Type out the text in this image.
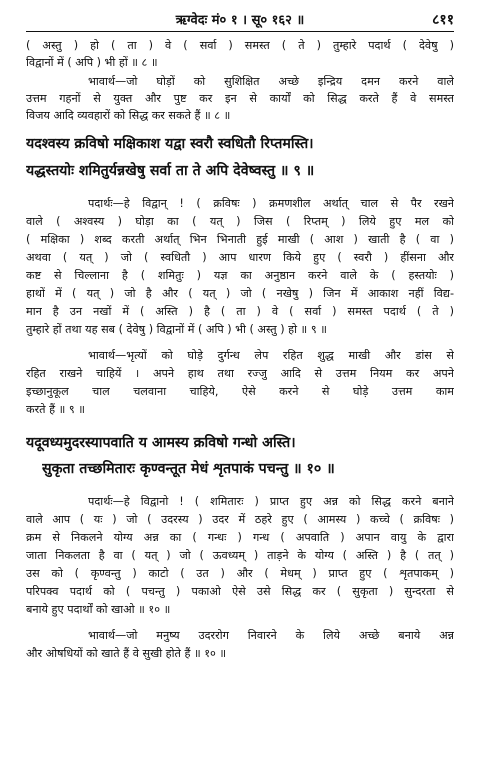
ऋग्वेदः मं० १ । सू० १६२ ॥	८११
( अस्तु ) हो ( ता ) वे ( सर्वा ) समस्त ( ते ) तुम्हारे पदार्थ ( देवेषु )
विद्वानों में ( अपि ) भी हों ॥ ८ ॥
भावार्थ—जो घोड़ों को सुशिक्षित अच्छे इन्द्रिय दमन करने वाले
उत्तम गहनों से युक्त और पुष्ट कर इन से कार्यों को सिद्ध करते हैं वे समस्त
विजय आदि व्यवहारों को सिद्ध कर सकते हैं ॥ ८ ॥
यदश्वस्य क्रविषो मक्षिकाश यद्वा स्वरौ स्वधितौ रिप्तमस्ति।
यद्धस्तयोः शमितुर्यन्नखेषु सर्वा ता ते अपि देवेष्वस्तु ॥ ९ ॥
पदार्थः—हे विद्वान् ! ( क्रविषः ) क्रमणशील अर्थात् चाल से पैर रखने
वाले ( अश्वस्य ) घोड़ा का ( यत् ) जिस ( रिप्तम् ) लिये हुए मल को
( मक्षिका ) शब्द करती अर्थात् भिन भिनाती हुई माखी ( आश ) खाती है ( वा )
अथवा ( यत् ) जो ( स्वधितौ ) आप धारण किये हुए ( स्वरौ ) हींसना और
कष्ट से चिल्लाना है ( शमितुः ) यज्ञ का अनुष्ठान करने वाले के ( हस्तयोः )
हाथों में ( यत् ) जो है और ( यत् ) जो ( नखेषु ) जिन में आकाश नहीं विद्य-
मान है उन नखों में ( अस्ति ) है ( ता ) वे ( सर्वा ) समस्त पदार्थ ( ते )
तुम्हारे हों तथा यह सब ( देवेषु ) विद्वानों में ( अपि ) भी ( अस्तु ) हो ॥ ९ ॥
भावार्थ—भृत्यों को घोड़े दुर्गन्ध लेप रहित शुद्ध माखी और डांस से
रहित राखने चाहियें । अपने हाथ तथा रज्जु आदि से उत्तम नियम कर अपने
इच्छानुकूल चाल चलवाना चाहिये, ऐसे करने से घोड़े उत्तम काम
करते हैं ॥ ९ ॥
यदूवध्यमुदरस्यापवाति य आमस्य क्रविषो गन्धो अस्ति।
सुकृता तच्छमितारः कृण्वन्तूत मेधं शृतपाकं पचन्तु ॥ १० ॥
पदार्थः—हे विद्वानो ! ( शमितारः ) प्राप्त हुए अन्न को सिद्ध करने बनाने
वाले आप ( यः ) जो ( उदरस्य ) उदर में ठहरे हुए ( आमस्य ) कच्चे ( क्रविषः )
क्रम से निकलने योग्य अन्न का ( गन्धः ) गन्ध ( अपवाति ) अपान वायु के द्वारा
जाता निकलता है वा ( यत् ) जो ( ऊवध्यम् ) ताड़ने के योग्य ( अस्ति ) है ( तत् )
उस को ( कृण्वन्तु ) काटो ( उत ) और ( मेधम् ) प्राप्त हुए ( शृतपाकम् )
परिपक्व पदार्थ को ( पचन्तु ) पकाओ ऐसे उसे सिद्ध कर ( सुकृता ) सुन्दरता से
बनाये हुए पदार्थों को खाओ ॥ १० ॥
भावार्थ—जो मनुष्य उदररोग निवारने के लिये अच्छे बनाये अन्न
और ओषधियों को खाते हैं वे सुखी होते हैं ॥ १० ॥
